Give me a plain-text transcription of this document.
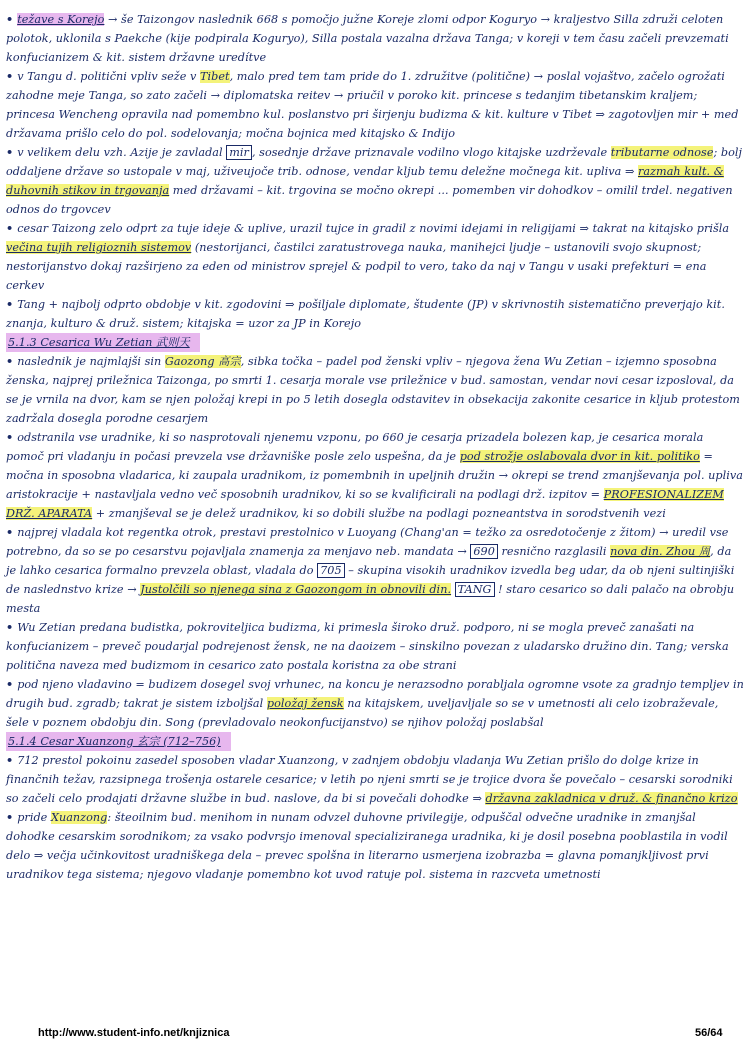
• težave s Korejo → še Taizongov naslednik 668 s pomočjo južne Koreje zlomi odpor Koguryo → kraljestvo Silla združi celoten polotok, uklonila s Paekche (kije podpirala Koguryo), Silla postala vazalna država Tanga; v koreji v tem času začeli prevzemati konfucianizem & kit. sistem državne uredítve
• v Tangu d. politični vpliv seže v Tibet, malo pred tem tam pride do 1. združitve (politične) → poslal vojaštvo, začelo ogrožati zahodne meje Tanga, so zato začeli → diplomatska reitev → priučil v poroko kit. princese s tedanjim tibetanskim kraljem; princesa Wencheng opravila nad pomembno kul. poslanstvo pri širjenju budizma & kit. kulture v Tibet ⇒ zagotovljen mir + med državama prišlo celo do pol. sodelovanja; močna bojnica med kitajsko & Indijo
• v velikem delu vzh. Azije je zavladal mir , sosednje države priznavale vodilno vlogo kitajske uzdrževale tributarne odnose; bolj oddaljene države so ustopale v maj, uživeujoče trib. odnose, vendar kljub temu deležne močnega kit. upliva ⇒ razmah kult. & duhovnih stikov in trgovanja med državami – kit. trgovina se močno okrepi ... pomemben vir dohodkov – omilil trdel. negativen odnos do trgovcev
• cesar Taizong zelo odprt za tuje ideje & uplive, urazil tujce in gradil z novimi idejami in religijami ⇒ takrat na kitajsko prišla večina tujih religioznih sistemov (nestorijanci, častilci zaratustrovega nauka, manihejci ljudje – ustanovili svojo skupnost; nestorijanstvo dokaj razširjeno za eden od ministrov sprejel & podpil to vero, tako da naj v Tangu v usaki prefekturi = ena cerkev
• Tang + najbolj odprto obdobje v kit. zgodovini ⇒ pošiljale diplomate, študente (JP) v skrivnostih sistematično preverjajo kit. znanja, kulturo & druž. sistem; kitajska = uzor za JP in Korejo
5.1.3 Cesarica Wu Zetian 武则天
• naslednik je najmlajši sin Gaozong 高宗, sibka točka – padel pod ženski vpliv – njegova žena Wu Zetian – izjemno sposobna ženska, najprej priležnica Taizonga, po smrti 1. cesarja morale vse priležnice v bud. samostan, vendar novi cesar izposloval, da se je vrnila na dvor, kam se njen položaj krepi in po 5 letih dosegla odstavitev in obsekacija zakonite cesarice in kljub protestom zadržala dosegla porodne cesarjem
• odstranila vse uradnike, ki so nasprotovali njenemu vzponu, po 660 je cesarja prizadela bolezen kap, je cesarica morala pomoč pri vladanju in počasi prevzela vse državniške posle zelo uspešna, da je pod strožje oslabovala dvor in kit. politiko = močna in sposobna vladarica, ki zaupala uradnikom, iz pomembnih in upeljnih družin → okrepi se trend zmanjševanja pol. upliva aristokracije + nastavljala vedno več sposobnih uradnikov, ki so se kvalificirali na podlagi drž. izpitov = PROFESIONALIZEM DRŽ. APARATA + zmanjševal se je delež uradnikov, ki so dobili službe na podlagi pozneantstva in sorodstvenih vezi
• najprej vladala kot regentka otrok, prestavi prestolnico v Luoyang (Chang'an = težko za osredotočenje z žitom) → uredil vse potrebno, da so se po cesarstvu pojavljala znamenja za menjavo neb. mandata → 690 resnično razglasili nova din. Zhou 周, da je lahko cesarica formalno prevzela oblast, vladala do 705 – skupina visokih uradnikov izvedla beg udar, da ob njeni sultinjiški de naslednstvo krize → Justolčili so njenega sina z Gaozongom in obnovili din. TANG ! staro cesarico so dali palačo na obrobju mesta
• Wu Zetian predana budistka, pokroviteljica budizma, ki primesla široko druž. podporo, ni se mogla preveč zanašati na konfucianizem – preveč poudarjal podrejenost žensk, ne na daoizem – sinskilno povezan z uladarsko družino din. Tang; verska politična naveza med budizmom in cesarico zato postala koristna za obe strani
• pod njeno vladavino = budizem dosegel svoj vrhunec, na koncu je nerazsodno porabljala ogromne vsote za gradnjo templjev in drugih bud. zgradb; takrat je sistem izboljšal položaj žensk na kitajskem, uveljavljale so se v umetnosti ali celo izobraževale, šele v poznem obdobju din. Song (prevladovalo neokonfucijanstvo) se njihov položaj poslabšal
5.1.4 Cesar Xuanzong 玄宗 (712–756)
• 712 prestol pokoinu zasedel sposoben vladar Xuanzong, v zadnjem obdobju vladanja Wu Zetian prišlo do dolge krize in finančnih težav, razsipnega trošenja ostarele cesarice; v letih po njeni smrti se je trojice dvora še povečalo – cesarski sorodniki so začeli celo prodajati državne službe in bud. naslove, da bi si povečali dohodke ⇒ državna zakladnica v druž. & finančno krizo
• pride Xuanzong: šteoilnim bud. menihom in nunam odvzel duhovne privilegije, odpuščal odvečne uradnike in zmanjšal dohodke cesarskim sorodnikom; za vsako podvrsjo imenoval specializiranega uradnika, ki je dosil posebna pooblastila in vodil delo ⇒ večja učinkovitost uradniškega dela – prevec spolšna in literarno usmerjena izobrazba = glavna pomanjkljivost prvi uradnikov tega sistema; njegovo vladanje pomembno kot uvod ratuje pol. sistema in razcveta umetnosti
http://www.student-info.net/knjiznica	56/64
